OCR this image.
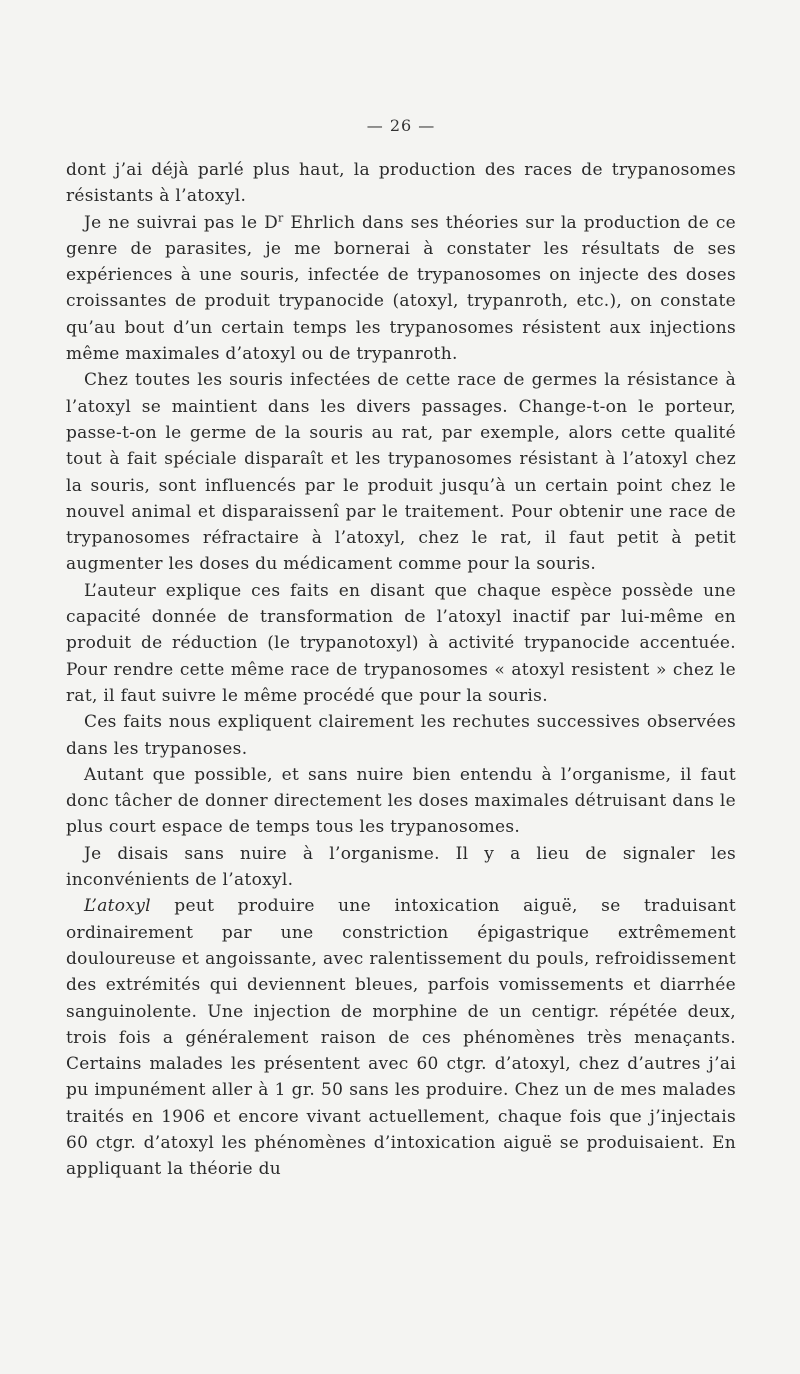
— 26 —

dont j’ai déjà parlé plus haut, la production des races de trypanosomes résistants à l’atoxyl.

Je ne suivrai pas le $D^r$ Ehrlich dans ses théories sur la production de ce genre de parasites, je me bornerai à constater les résultats de ses expériences à une souris, infectée de trypanosomes on injecte des doses croissantes de produit trypanocide (atoxyl, trypanroth, etc.), on constate qu’au bout d’un certain temps les trypanosomes résistent aux injections même maximales d’atoxyl ou de trypanroth.

Chez toutes les souris infectées de cette race de germes la résistance à l’atoxyl se maintient dans les divers passages. Change-t-on le porteur, passe-t-on le germe de la souris au rat, par exemple, alors cette qualité tout à fait spéciale disparaît et les trypanosomes résistant à l’atoxyl chez la souris, sont influencés par le produit jusqu’à un certain point chez le nouvel animal et disparaissenî par le traitement. Pour obtenir une race de trypanosomes réfractaire à l’atoxyl, chez le rat, il faut petit à petit augmenter les doses du médicament comme pour la souris.

L’auteur explique ces faits en disant que chaque espèce possède une capacité donnée de transformation de l’atoxyl inactif par lui-même en produit de réduction (le trypanotoxyl) à activité trypanocide accentuée. Pour rendre cette même race de trypanosomes « atoxyl resistent » chez le rat, il faut suivre le même procédé que pour la souris.

Ces faits nous expliquent clairement les rechutes successives observées dans les trypanoses.

Autant que possible, et sans nuire bien entendu à l’organisme, il faut donc tâcher de donner directement les doses maximales détruisant dans le plus court espace de temps tous les trypanosomes.

Je disais sans nuire à l’organisme. Il y a lieu de signaler les inconvénients de l’atoxyl.

L’atoxyl peut produire une intoxication aiguë, se traduisant ordinairement par une constriction épigastrique extrêmement douloureuse et angoissante, avec ralentissement du pouls, refroidissement des extrémités qui deviennent bleues, parfois vomissements et diarrhée sanguinolente. Une injection de morphine de un centigr. répétée deux, trois fois a généralement raison de ces phénomènes très menaçants. Certains malades les présentent avec 60 ctgr. d’atoxyl, chez d’autres j’ai pu impunément aller à 1 gr. 50 sans les produire. Chez un de mes malades traités en 1906 et encore vivant actuellement, chaque fois que j’injectais 60 ctgr. d’atoxyl les phénomènes d’intoxication aiguë se produisaient. En appliquant la théorie du
